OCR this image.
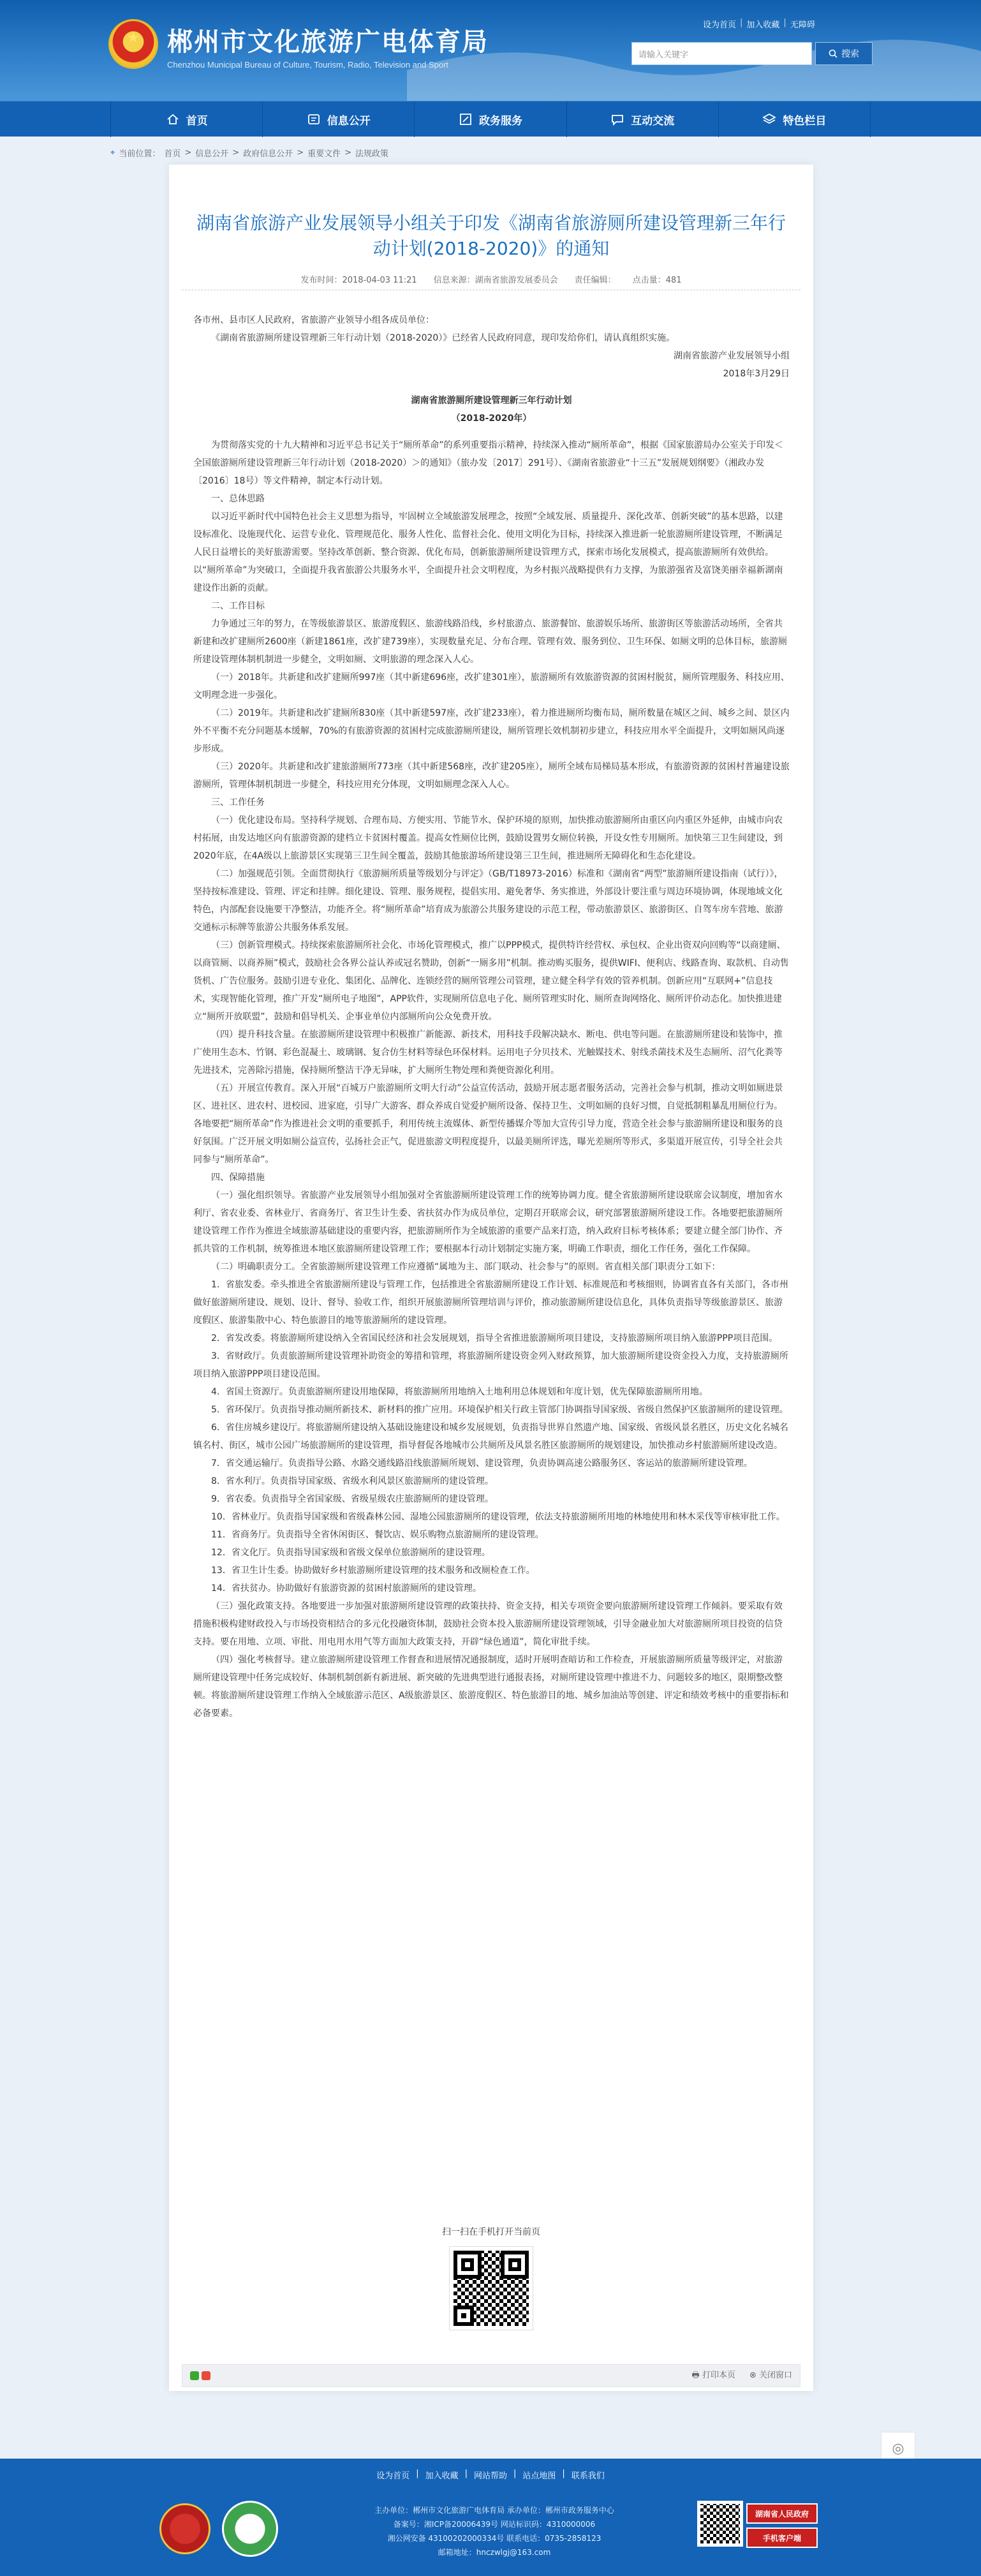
★ 郴州市文化旅游广电体育局
Chenzhou Municipal Bureau of Culture, Tourism, Radio, Television and Sport
设为首页 | 加入收藏 | 无障碍
请输入关键字	搜索
首页	信息公开	政务服务	互动交流	特色栏目
⌖ 当前位置： 首页 > 信息公开 > 政府信息公开 > 重要文件 > 法规政策
湖南省旅游产业发展领导小组关于印发《湖南省旅游厕所建设管理新三年行动计划(2018-2020)》的通知
发布时间：2018-04-03 11:21 信息来源：湖南省旅游发展委员会 责任编辑： 点击量：481

各市州、县市区人民政府，省旅游产业领导小组各成员单位：

《湖南省旅游厕所建设管理新三年行动计划（2018-2020）》已经省人民政府同意，现印发给你们，请认真组织实施。

湖南省旅游产业发展领导小组

2018年3月29日

湖南省旅游厕所建设管理新三年行动计划

（2018-2020年）

为贯彻落实党的十九大精神和习近平总书记关于“厕所革命”的系列重要指示精神，持续深入推动“厕所革命”，根据《国家旅游局办公室关于印发＜全国旅游厕所建设管理新三年行动计划（2018-2020）＞的通知》（旅办发〔2017〕291号）、《湖南省旅游业“十三五”发展规划纲要》（湘政办发〔2016〕18号）等文件精神，制定本行动计划。

一、总体思路

以习近平新时代中国特色社会主义思想为指导，牢固树立全域旅游发展理念，按照“全域发展、质量提升、深化改革、创新突破”的基本思路，以建设标准化、设施现代化、运营专业化、管理规范化、服务人性化、监督社会化、使用文明化为目标，持续深入推进新一轮旅游厕所建设管理，不断满足人民日益增长的美好旅游需要。坚持改革创新、整合资源、优化布局，创新旅游厕所建设管理方式，探索市场化发展模式，提高旅游厕所有效供给。以“厕所革命”为突破口，全面提升我省旅游公共服务水平，全面提升社会文明程度，为乡村振兴战略提供有力支撑，为旅游强省及富饶美丽幸福新湖南建设作出新的贡献。

二、工作目标

力争通过三年的努力，在等级旅游景区、旅游度假区、旅游线路沿线，乡村旅游点、旅游餐馆、旅游娱乐场所、旅游街区等旅游活动场所，全省共新建和改扩建厕所2600座（新建1861座，改扩建739座），实现数量充足、分布合理、管理有效、服务到位、卫生环保、如厕文明的总体目标，旅游厕所建设管理体制机制进一步健全，文明如厕、文明旅游的理念深入人心。

（一）2018年。共新建和改扩建厕所997座（其中新建696座，改扩建301座），旅游厕所有效旅游资源的贫困村脱贫，厕所管理服务、科技应用、文明理念进一步强化。

（二）2019年。共新建和改扩建厕所830座（其中新建597座，改扩建233座），着力推进厕所均衡布局，厕所数量在城区之间、城乡之间、景区内外不平衡不充分问题基本缓解，70%的有旅游资源的贫困村完成旅游厕所建设，厕所管理长效机制初步建立，科技应用水平全面提升，文明如厕风尚逐步形成。

（三）2020年。共新建和改扩建旅游厕所773座（其中新建568座，改扩建205座），厕所全域布局梯局基本形成，有旅游资源的贫困村普遍建设旅游厕所，管理体制机制进一步健全，科技应用充分体现，文明如厕理念深入人心。

三、工作任务

（一）优化建设布局。坚持科学规划、合理布局、方便实用、节能节水、保护环境的原则，加快推动旅游厕所由重区向内重区外延伸，由城市向农村拓展，由发达地区向有旅游资源的建档立卡贫困村覆盖。提高女性厕位比例，鼓励设置男女厕位转换，开设女性专用厕所。加快第三卫生间建设，到2020年底，在4A级以上旅游景区实现第三卫生间全覆盖，鼓励其他旅游场所建设第三卫生间，推进厕所无障碍化和生态化建设。

（二）加强规范引领。全面贯彻执行《旅游厕所质量等级划分与评定》（GB/T18973-2016）标准和《湖南省“两型”旅游厕所建设指南（试行）》，坚持按标准建设、管理、评定和挂牌。细化建设、管理、服务规程，提倡实用、避免奢华、务实推进，外部设计要注重与周边环境协调，体现地域文化特色，内部配套设施要干净整洁，功能齐全。将“厕所革命”培育成为旅游公共服务建设的示范工程，带动旅游景区、旅游街区、自驾车房车营地、旅游交通标示标牌等旅游公共服务体系发展。

（三）创新管理模式。持续探索旅游厕所社会化、市场化管理模式，推广以PPP模式，提供特许经营权、承包权、企业出资双向回购等“以商建厕、以商管厕、以商养厕”模式，鼓励社会各界公益认养或冠名赞助，创新“一厕多用”机制。推动购买服务，提供WIFI、便利店、线路查询、取款机、自动售货机、广告位服务。鼓励引进专业化、集团化、品牌化、连锁经营的厕所管理公司管理，建立健全科学有效的管养机制。创新应用“互联网+”信息技术，实现智能化管理，推广开发“厕所电子地图”，APP软件，实现厕所信息电子化、厕所管理实时化、厕所查询网络化、厕所评价动态化。加快推进建立“厕所开放联盟”，鼓励和倡导机关、企事业单位内部厕所向公众免费开放。

（四）提升科技含量。在旅游厕所建设管理中积极推广新能源、新技术，用科技手段解决缺水、断电、供电等问题。在旅游厕所建设和装饰中，推广使用生态木、竹钢、彩色混凝土、玻璃钢、复合仿生材料等绿色环保材料。运用电子分贝技术、光触媒技术、射线杀菌技术及生态厕所、沼气化粪等先进技术，完善除污措施，保持厕所整洁干净无异味，扩大厕所生物处理和粪便资源化利用。

（五）开展宣传教育。深入开展“百城万户旅游厕所文明大行动”公益宣传活动，鼓励开展志愿者服务活动，完善社会参与机制，推动文明如厕进景区、进社区、进农村、进校园、进家庭，引导广大游客、群众养成自觉爱护厕所设备、保持卫生、文明如厕的良好习惯，自觉抵制粗暴乱用厕位行为。各地要把“厕所革命”作为推进社会文明的重要抓手，利用传统主流媒体、新型传播媒介等加大宣传引导力度，营造全社会参与旅游厕所建设和服务的良好氛围。广泛开展文明如厕公益宣传，弘扬社会正气，促进旅游文明程度提升，以最美厕所评选，曝光差厕所等形式，多渠道开展宣传，引导全社会共同参与“厕所革命”。

四、保障措施

（一）强化组织领导。省旅游产业发展领导小组加强对全省旅游厕所建设管理工作的统筹协调力度。健全省旅游厕所建设联席会议制度，增加省水利厅、省农业委、省林业厅、省商务厅、省卫生计生委、省扶贫办作为成员单位，定期召开联席会议，研究部署旅游厕所建设工作。各地要把旅游厕所建设管理工作作为推进全域旅游基础建设的重要内容，把旅游厕所作为全域旅游的重要产品来打造，纳入政府目标考核体系；要建立健全部门协作、齐抓共管的工作机制，统筹推进本地区旅游厕所建设管理工作；要根据本行动计划制定实施方案，明确工作职责，细化工作任务，强化工作保障。

（二）明确职责分工。全省旅游厕所建设管理工作应遵循“属地为主、部门联动、社会参与”的原则。省直相关部门职责分工如下：

1．省旅发委。牵头推进全省旅游厕所建设与管理工作，包括推进全省旅游厕所建设工作计划、标准规范和考核细则，协调省直各有关部门，各市州做好旅游厕所建设、规划、设计、督导、验收工作，组织开展旅游厕所管理培训与评价，推动旅游厕所建设信息化，具体负责指导等级旅游景区、旅游度假区、旅游集散中心、特色旅游目的地等旅游厕所的建设管理。

2．省发改委。将旅游厕所建设纳入全省国民经济和社会发展规划，指导全省推进旅游厕所项目建设，支持旅游厕所项目纳入旅游PPP项目范围。

3．省财政厅。负责旅游厕所建设管理补助资金的筹措和管理，将旅游厕所建设资金列入财政预算，加大旅游厕所建设资金投入力度，支持旅游厕所项目纳入旅游PPP项目建设范围。

4．省国土资源厅。负责旅游厕所建设用地保障，将旅游厕所用地纳入土地利用总体规划和年度计划，优先保障旅游厕所用地。

5．省环保厅。负责指导推动厕所新技术、新材料的推广应用。环境保护相关行政主管部门协调指导国家级、省级自然保护区旅游厕所的建设管理。

6．省住房城乡建设厅。将旅游厕所建设纳入基础设施建设和城乡发展规划，负责指导世界自然遗产地、国家级、省级风景名胜区，历史文化名城名镇名村、街区，城市公园广场旅游厕所的建设管理，指导督促各地城市公共厕所及风景名胜区旅游厕所的规划建设，加快推动乡村旅游厕所建设改造。

7．省交通运输厅。负责指导公路、水路交通线路沿线旅游厕所规划、建设管理，负责协调高速公路服务区、客运站的旅游厕所建设管理。

8．省水利厅。负责指导国家级、省级水利风景区旅游厕所的建设管理。

9．省农委。负责指导全省国家级、省级星级农庄旅游厕所的建设管理。

10．省林业厅。负责指导国家级和省级森林公园、湿地公园旅游厕所的建设管理，依法支持旅游厕所用地的林地使用和林木采伐等审核审批工作。

11．省商务厅。负责指导全省休闲街区、餐饮店、娱乐购物点旅游厕所的建设管理。

12．省文化厅。负责指导国家级和省级文保单位旅游厕所的建设管理。

13．省卫生计生委。协助做好乡村旅游厕所建设管理的技术服务和改厕检查工作。

14．省扶贫办。协助做好有旅游资源的贫困村旅游厕所的建设管理。

（三）强化政策支持。各地要进一步加强对旅游厕所建设管理的政策扶持、资金支持，相关专项资金要向旅游厕所建设管理工作倾斜。要采取有效措施积极构建财政投入与市场投资相结合的多元化投融资体制，鼓励社会资本投入旅游厕所建设管理领域，引导金融业加大对旅游厕所项目投资的信贷支持。要在用地、立项、审批、用电用水用气等方面加大政策支持，开辟“绿色通道”，简化审批手续。

（四）强化考核督导。建立旅游厕所建设管理工作督查和进展情况通报制度，适时开展明查暗访和工作检查，开展旅游厕所质量等级评定，对旅游厕所建设管理中任务完成较好、体制机制创新有新进展、新突破的先进典型进行通报表扬，对厕所建设管理中推进不力、问题较多的地区，限期整改整顿。将旅游厕所建设管理工作纳入全域旅游示范区、A级旅游景区、旅游度假区、特色旅游目的地、城乡加油站等创建、评定和绩效考核中的重要指标和必备要素。

扫一扫在手机打开当前页
🖶 打印本页 ⊗ 关闭窗口
◎
设为首页 | 加入收藏 | 网站帮助 | 站点地图 | 联系我们
主办单位：郴州市文化旅游广电体育局 承办单位：郴州市政务服务中心
备案号：湘ICP备20006439号 网站标识码：4310000006
湘公网安备 43100202000334号 联系电话：0735-2858123
邮箱地址：hnczwlgj@163.com
湖南省人民政府
手机客户端
